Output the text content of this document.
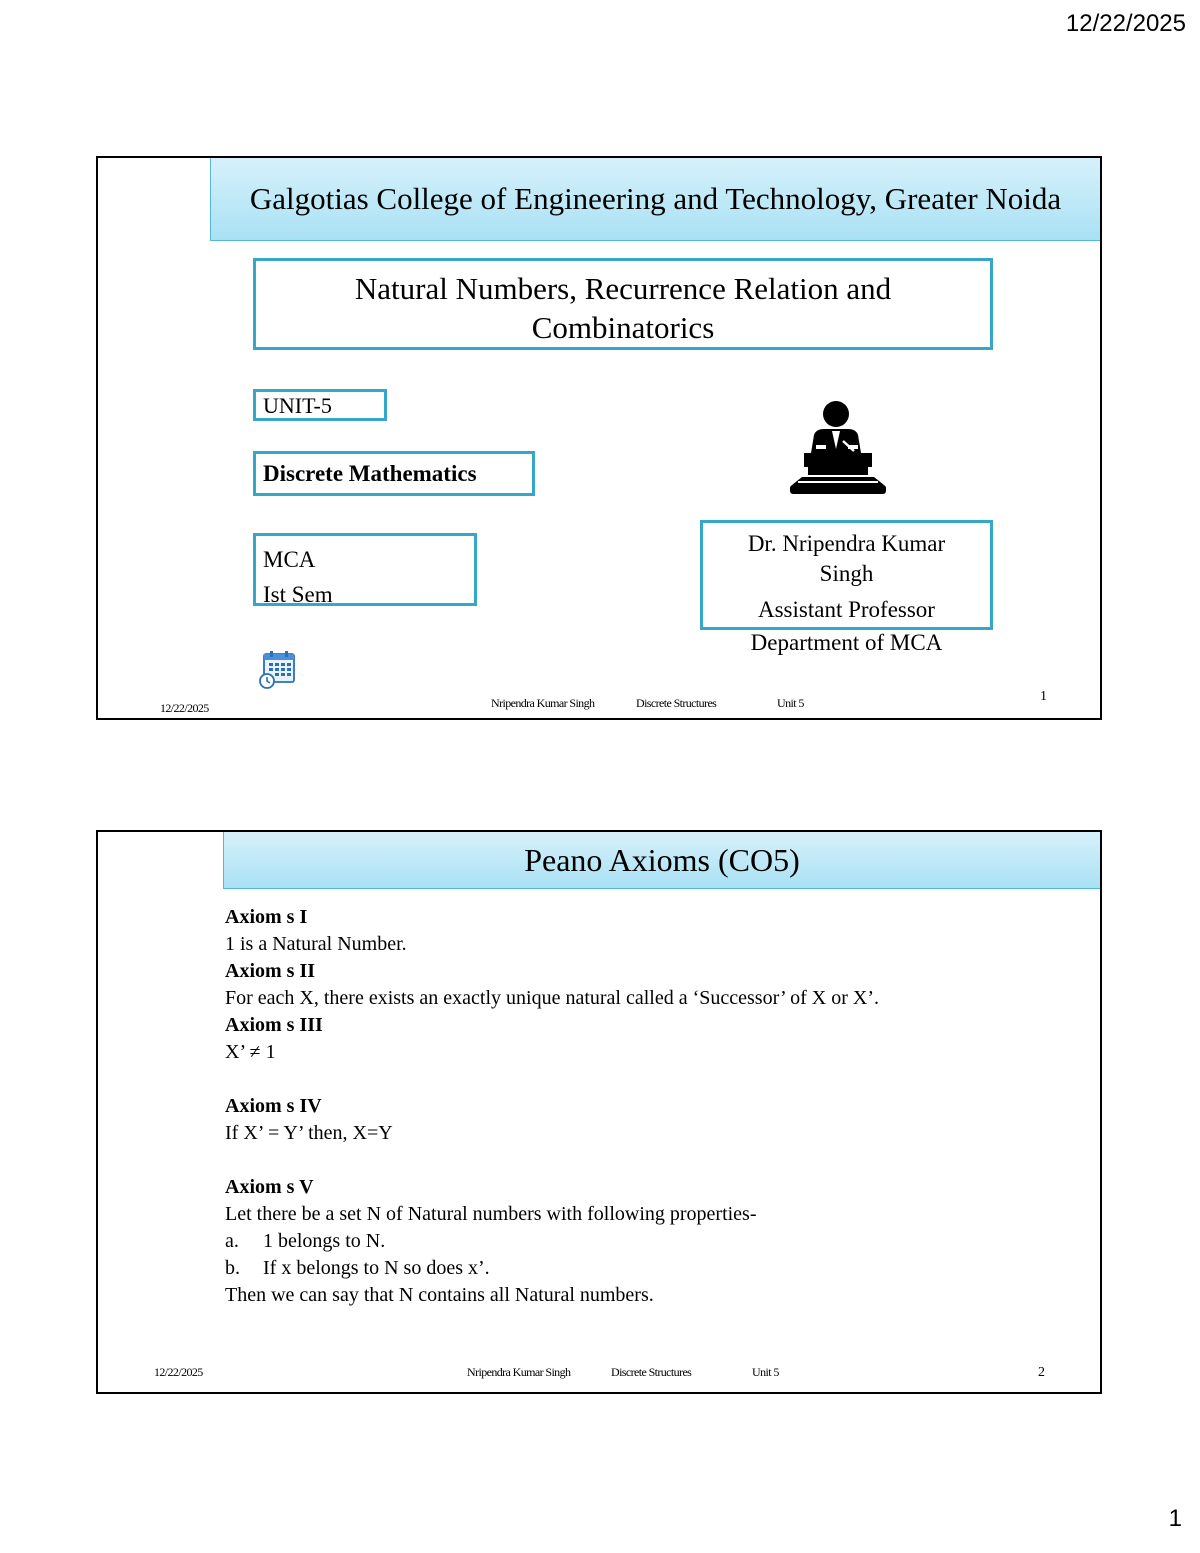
12/22/2025
Galgotias College of Engineering and Technology, Greater Noida
Natural Numbers, Recurrence Relation and
Combinatorics
UNIT-5
Discrete Mathematics
MCA
Ist Sem
Dr. Nripendra Kumar
Singh
Assistant Professor
Department of MCA
12/22/2025	Nripendra Kumar Singh	Discrete Structures	Unit 5	1
Peano Axioms (CO5)
Axiom s I
1 is a Natural Number.
Axiom s II
For each X, there exists an exactly unique natural called a ‘Successor’ of X or X’.
Axiom s III
X’ ≠ 1
Axiom s IV
If X’ = Y’ then, X=Y
Axiom s V
Let there be a set N of Natural numbers with following properties-
a.	1 belongs to N.
b.	If x belongs to N so does x’.
Then we can say that N contains all Natural numbers.
12/22/2025	Nripendra Kumar Singh	Discrete Structures	Unit 5	2
1
